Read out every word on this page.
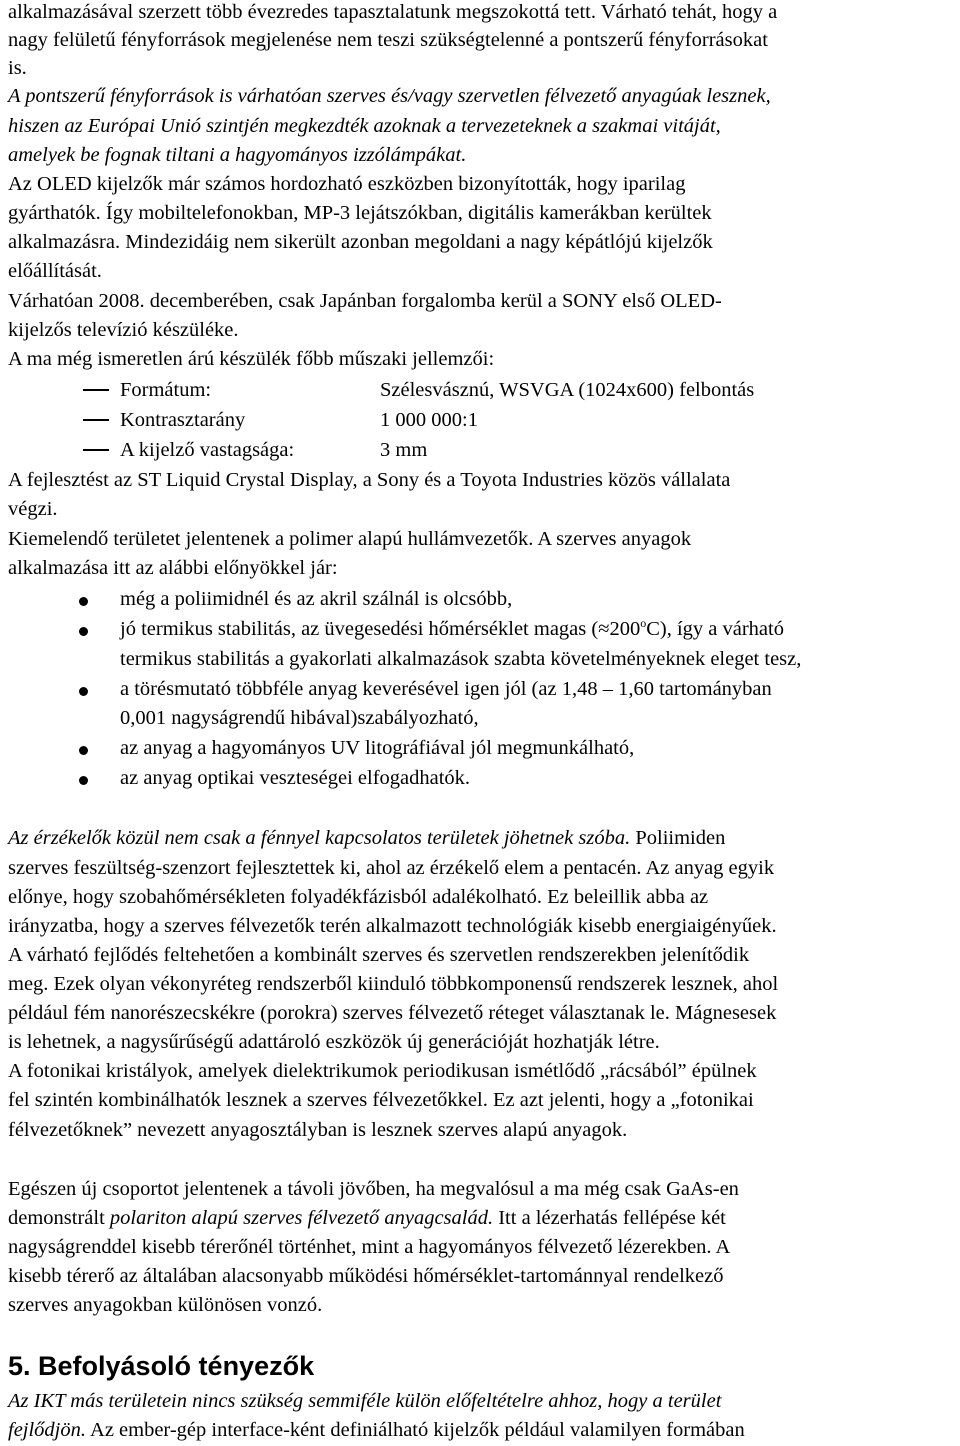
alkalmazásával szerzett több évezredes tapasztalatunk megszokottá tett. Várható tehát, hogy a
nagy felületű fényforrások megjelenése nem teszi szükségtelenné a pontszerű fényforrásokat
is.
A pontszerű fényforrások is várhatóan szerves és/vagy szervetlen félvezető anyagúak lesznek,
hiszen az Európai Unió szintjén megkezdték azoknak a tervezeteknek a szakmai vitáját,
amelyek be fognak tiltani a hagyományos izzólámpákat.
Az OLED kijelzők már számos hordozható eszközben bizonyították, hogy iparilag
gyárthatók. Így mobiltelefonokban, MP-3 lejátszókban, digitális kamerákban kerültek
alkalmazásra. Mindezidáig nem sikerült azonban megoldani a nagy képátlójú kijelzők
előállítását.
Várhatóan 2008. decemberében, csak Japánban forgalomba kerül a SONY első OLED-
kijelzős televízió készüléke.
A ma még ismeretlen árú készülék főbb műszaki jellemzői:
Formátum:	Szélesvásznú, WSVGA (1024x600) felbontás
Kontrasztarány	1 000 000:1
A kijelző vastagsága:	3 mm
A fejlesztést az ST Liquid Crystal Display, a Sony és a Toyota Industries közös vállalata
végzi.
Kiemelendő területet jelentenek a polimer alapú hullámvezetők. A szerves anyagok
alkalmazása itt az alábbi előnyökkel jár:
még a poliimidnél és az akril szálnál is olcsóbb,
jó termikus stabilitás, az üvegesedési hőmérséklet magas $(\approx 200^oC)$, így a várható
termikus stabilitás a gyakorlati alkalmazások szabta követelményeknek eleget tesz,
a törésmutató többféle anyag keverésével igen jól (az 1,48 – 1,60 tartományban
0,001 nagyságrendű hibával)szabályozható,
az anyag a hagyományos UV litográfiával jól megmunkálható,
az anyag optikai veszteségei elfogadhatók.
Az érzékelők közül nem csak a fénnyel kapcsolatos területek jöhetnek szóba. Poliimiden
szerves feszültség-szenzort fejlesztettek ki, ahol az érzékelő elem a pentacén. Az anyag egyik
előnye, hogy szobahőmérsékleten folyadékfázisból adalékolható. Ez beleillik abba az
irányzatba, hogy a szerves félvezetők terén alkalmazott technológiák kisebb energiaigényűek.
A várható fejlődés feltehetően a kombinált szerves és szervetlen rendszerekben jelenítődik
meg. Ezek olyan vékonyréteg rendszerből kiinduló többkomponensű rendszerek lesznek, ahol
például fém nanorészecskékre (porokra) szerves félvezető réteget választanak le. Mágnesesek
is lehetnek, a nagysűrűségű adattároló eszközök új generációját hozhatják létre.
A fotonikai kristályok, amelyek dielektrikumok periodikusan ismétlődő „rácsából” épülnek
fel szintén kombinálhatók lesznek a szerves félvezetőkkel. Ez azt jelenti, hogy a „fotonikai
félvezetőknek” nevezett anyagosztályban is lesznek szerves alapú anyagok.
Egészen új csoportot jelentenek a távoli jövőben, ha megvalósul a ma még csak GaAs-en
demonstrált polariton alapú szerves félvezető anyagcsalád. Itt a lézerhatás fellépése két
nagyságrenddel kisebb térerőnél történhet, mint a hagyományos félvezető lézerekben. A
kisebb térerő az általában alacsonyabb működési hőmérséklet-tartománnyal rendelkező
szerves anyagokban különösen vonzó.
5. Befolyásoló tényezők
Az IKT más területein nincs szükség semmiféle külön előfeltételre ahhoz, hogy a terület
fejlődjön. Az ember-gép interface-ként definiálható kijelzők például valamilyen formában
